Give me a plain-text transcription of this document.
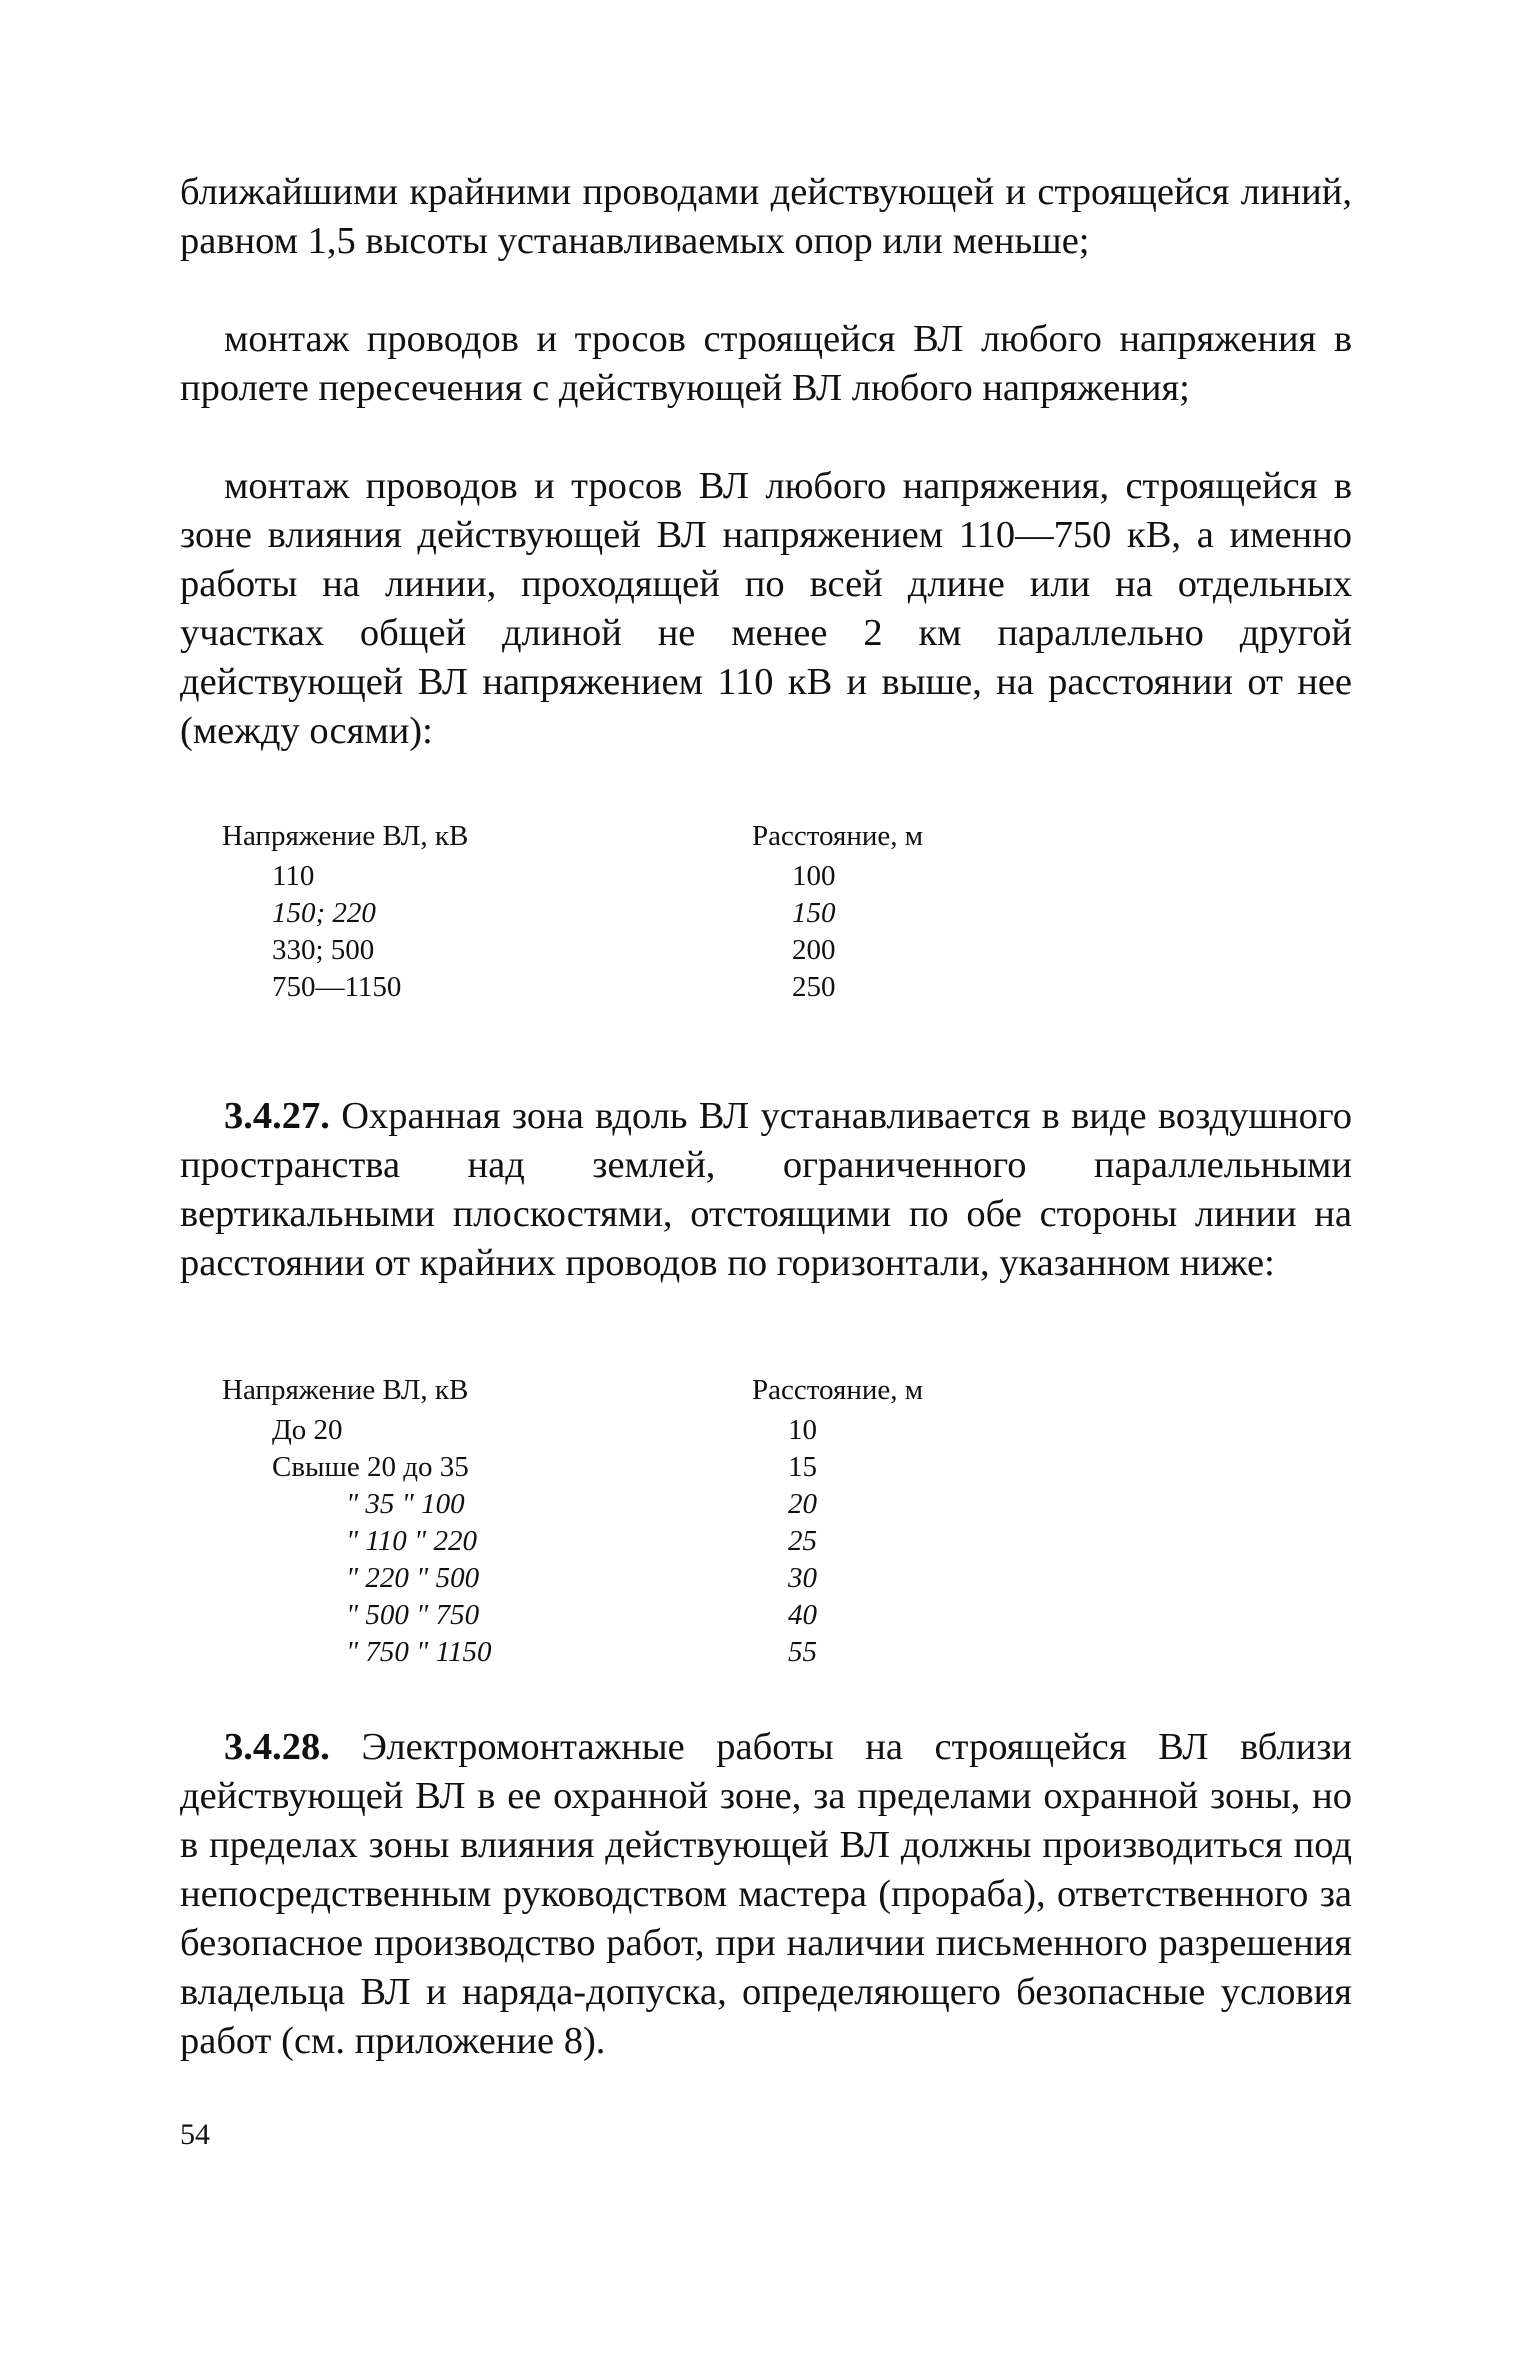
ближайшими крайними проводами действующей и строящейся линий, равном 1,5 высоты устанавливаемых опор или меньше;

монтаж проводов и тросов строящейся ВЛ любого напряжения в пролете пересечения с действующей ВЛ любого напряжения;

монтаж проводов и тросов ВЛ любого напряжения, строящейся в зоне влияния действующей ВЛ напряжением 110—750 кВ, а именно работы на линии, проходящей по всей длине или на отдельных участках общей длиной не менее 2 км параллельно другой действующей ВЛ напряжением 110 кВ и выше, на расстоянии от нее (между осями):

Напряжение ВЛ, кВ	Расстояние, м
110	100
150; 220	150
330; 500	200
750—1150	250

3.4.27. Охранная зона вдоль ВЛ устанавливается в виде воздушного пространства над землей, ограниченного параллельными вертикальными плоскостями, отстоящими по обе стороны линии на расстоянии от крайних проводов по горизонтали, указанном ниже:

Напряжение ВЛ, кВ	Расстояние, м
До 20	10
Свыше 20 до 35	15
" 35 " 100	20
" 110 " 220	25
" 220 " 500	30
" 500 " 750	40
" 750 " 1150	55

3.4.28. Электромонтажные работы на строящейся ВЛ вблизи действующей ВЛ в ее охранной зоне, за пределами охранной зоны, но в пределах зоны влияния действующей ВЛ должны производиться под непосредственным руководством мастера (прораба), ответственного за безопасное производство работ, при наличии письменного разрешения владельца ВЛ и наряда-допуска, определяющего безопасные условия работ (см. приложение 8).

54
